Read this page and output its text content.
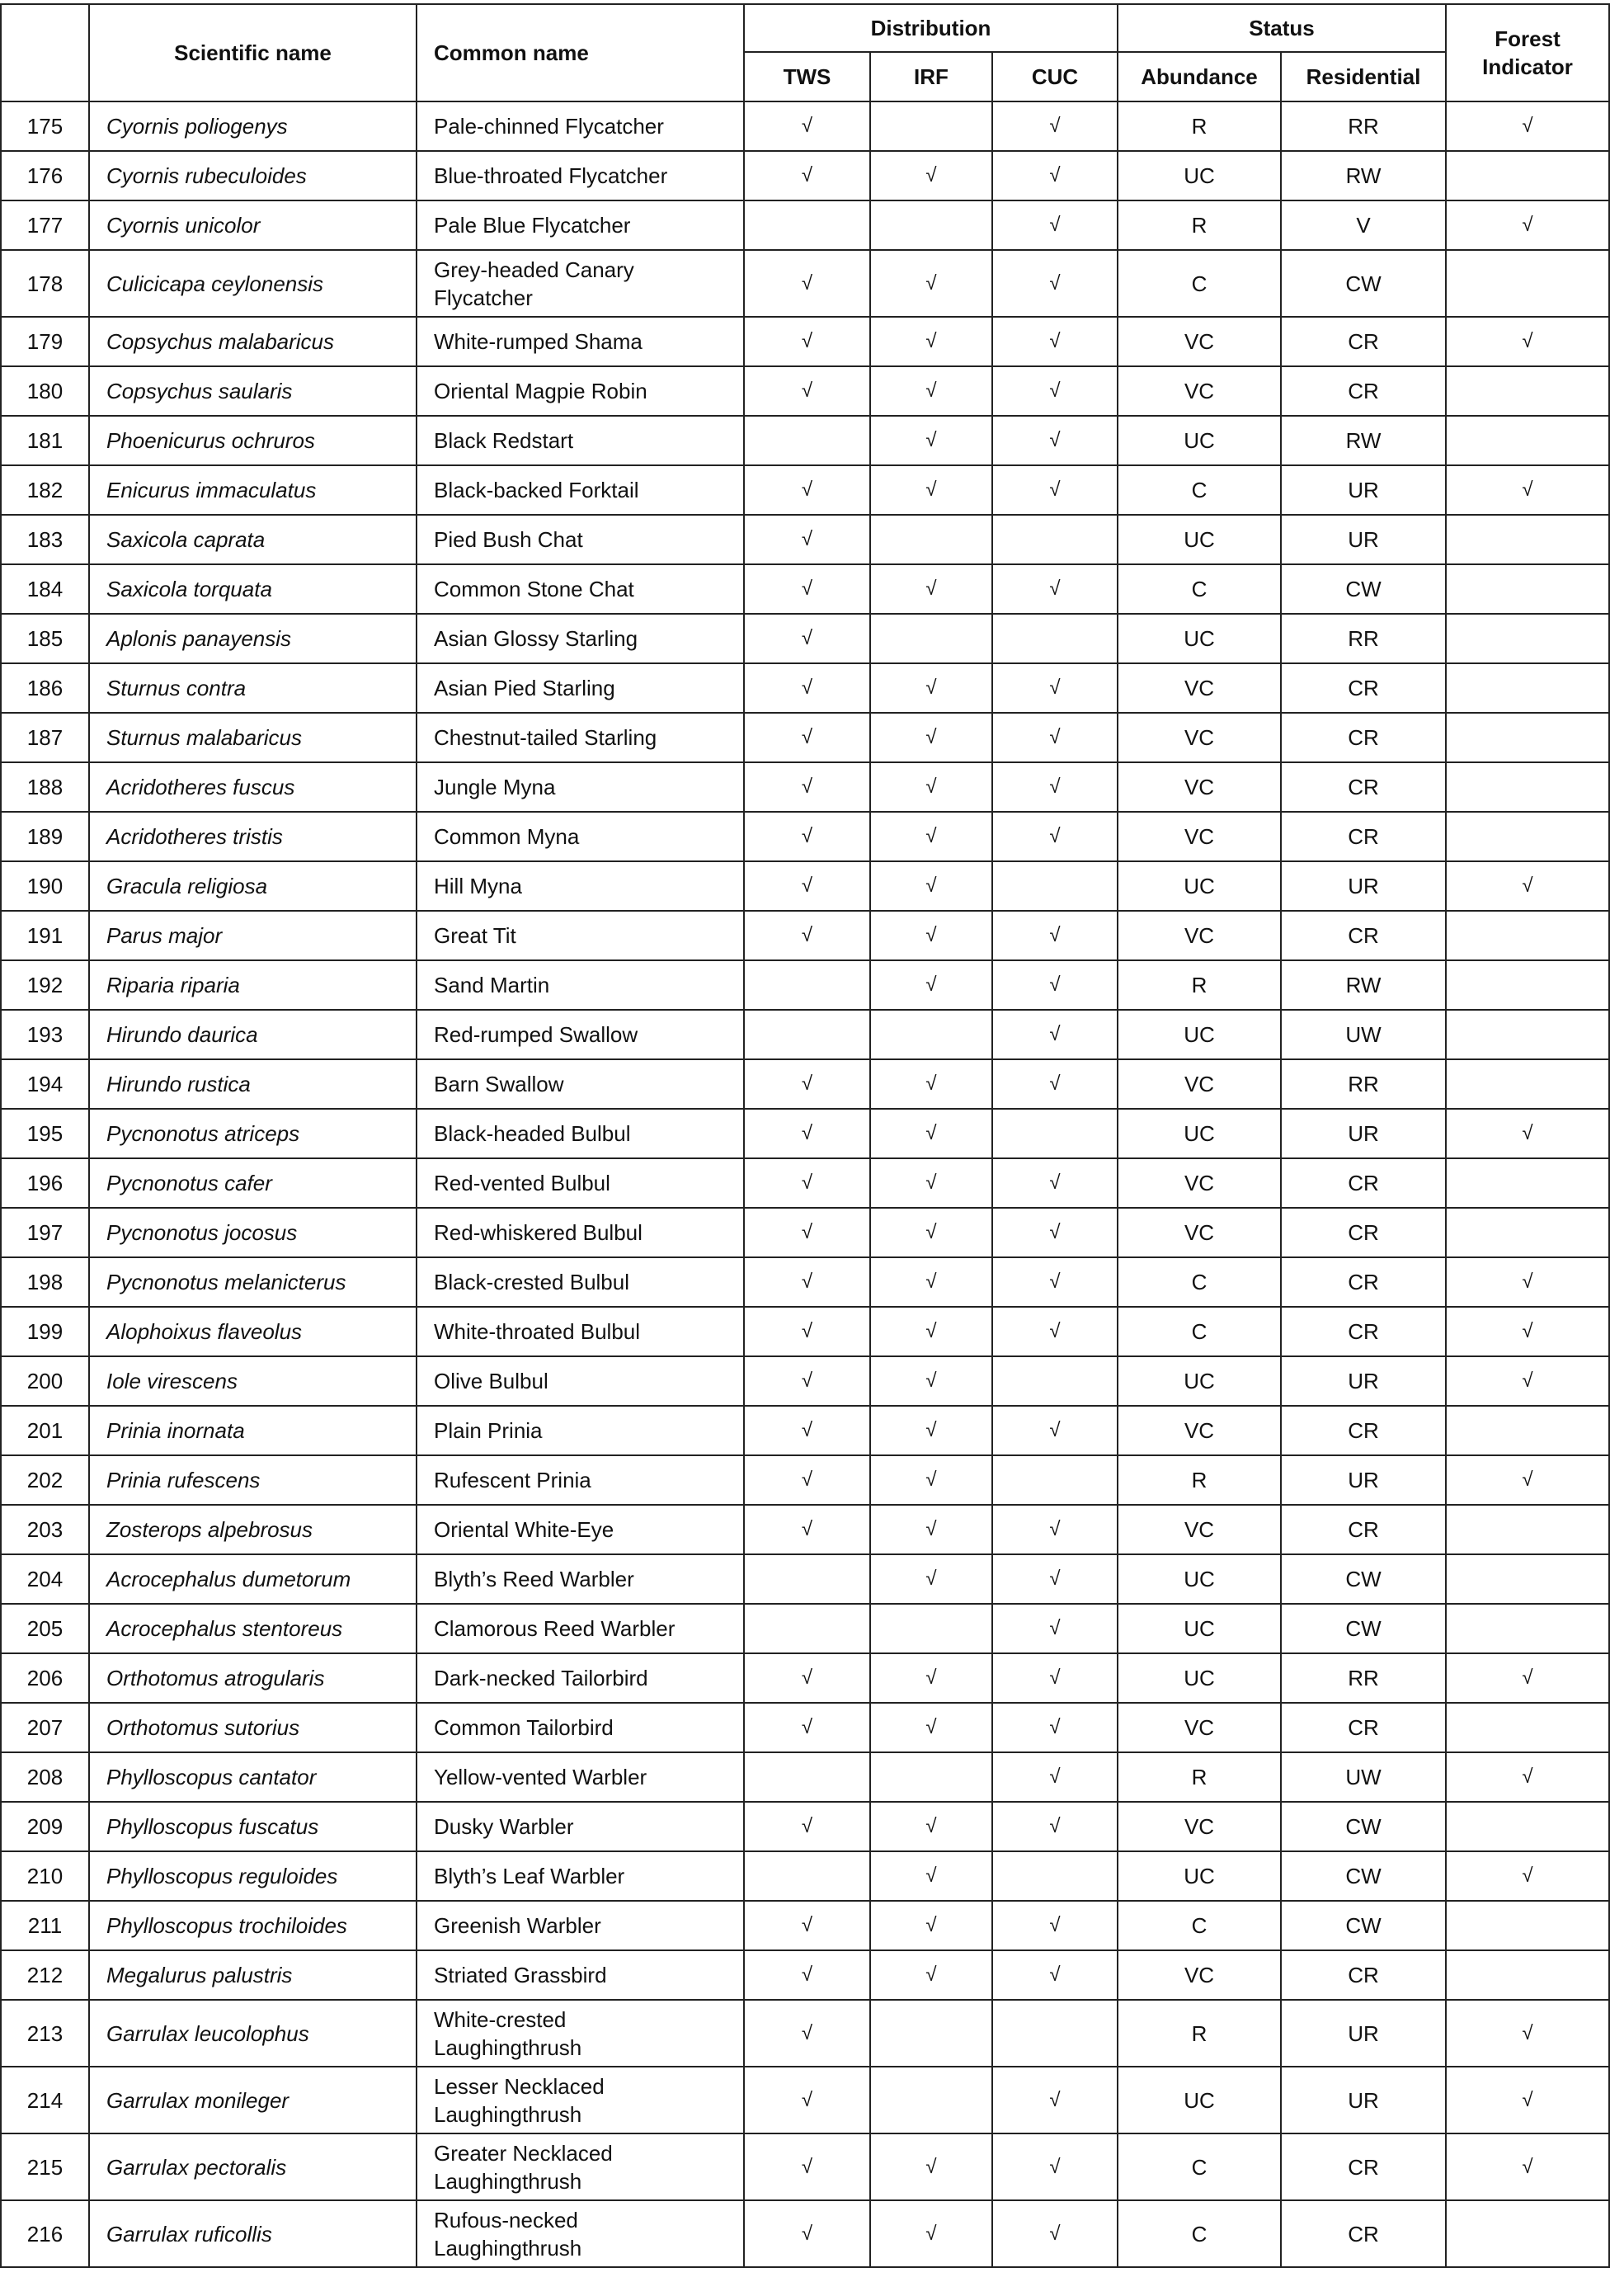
	Scientific name	Common name	Distribution			Status		Forest Indicator
			TWS	IRF	CUC	Abundance	Residential	
175	Cyornis poliogenys	Pale-chinned Flycatcher	√		√	R	RR	√
176	Cyornis rubeculoides	Blue-throated Flycatcher	√	√	√	UC	RW	
177	Cyornis unicolor	Pale Blue Flycatcher			√	R	V	√
178	Culicicapa ceylonensis	Grey-headed Canary Flycatcher	√	√	√	C	CW	
179	Copsychus malabaricus	White-rumped Shama	√	√	√	VC	CR	√
180	Copsychus saularis	Oriental Magpie Robin	√	√	√	VC	CR	
181	Phoenicurus ochruros	Black Redstart		√	√	UC	RW	
182	Enicurus immaculatus	Black-backed Forktail	√	√	√	C	UR	√
183	Saxicola caprata	Pied Bush Chat	√			UC	UR	
184	Saxicola torquata	Common Stone Chat	√	√	√	C	CW	
185	Aplonis panayensis	Asian Glossy Starling	√			UC	RR	
186	Sturnus contra	Asian Pied Starling	√	√	√	VC	CR	
187	Sturnus malabaricus	Chestnut-tailed Starling	√	√	√	VC	CR	
188	Acridotheres fuscus	Jungle Myna	√	√	√	VC	CR	
189	Acridotheres tristis	Common Myna	√	√	√	VC	CR	
190	Gracula religiosa	Hill Myna	√	√		UC	UR	√
191	Parus major	Great Tit	√	√	√	VC	CR	
192	Riparia riparia	Sand Martin		√	√	R	RW	
193	Hirundo daurica	Red-rumped Swallow			√	UC	UW	
194	Hirundo rustica	Barn Swallow	√	√	√	VC	RR	
195	Pycnonotus atriceps	Black-headed Bulbul	√	√		UC	UR	√
196	Pycnonotus cafer	Red-vented Bulbul	√	√	√	VC	CR	
197	Pycnonotus jocosus	Red-whiskered Bulbul	√	√	√	VC	CR	
198	Pycnonotus melanicterus	Black-crested Bulbul	√	√	√	C	CR	√
199	Alophoixus flaveolus	White-throated Bulbul	√	√	√	C	CR	√
200	Iole virescens	Olive Bulbul	√	√		UC	UR	√
201	Prinia inornata	Plain Prinia	√	√	√	VC	CR	
202	Prinia rufescens	Rufescent Prinia	√	√		R	UR	√
203	Zosterops alpebrosus	Oriental White-Eye	√	√	√	VC	CR	
204	Acrocephalus dumetorum	Blyth’s Reed Warbler		√	√	UC	CW	
205	Acrocephalus stentoreus	Clamorous Reed Warbler			√	UC	CW	
206	Orthotomus atrogularis	Dark-necked Tailorbird	√	√	√	UC	RR	√
207	Orthotomus sutorius	Common Tailorbird	√	√	√	VC	CR	
208	Phylloscopus cantator	Yellow-vented Warbler			√	R	UW	√
209	Phylloscopus fuscatus	Dusky Warbler	√	√	√	VC	CW	
210	Phylloscopus reguloides	Blyth’s Leaf Warbler		√		UC	CW	√
211	Phylloscopus trochiloides	Greenish Warbler	√	√	√	C	CW	
212	Megalurus palustris	Striated Grassbird	√	√	√	VC	CR	
213	Garrulax leucolophus	White-crested Laughingthrush	√			R	UR	√
214	Garrulax monileger	Lesser Necklaced Laughingthrush	√		√	UC	UR	√
215	Garrulax pectoralis	Greater Necklaced Laughingthrush	√	√	√	C	CR	√
216	Garrulax ruficollis	Rufous-necked Laughingthrush	√	√	√	C	CR	
